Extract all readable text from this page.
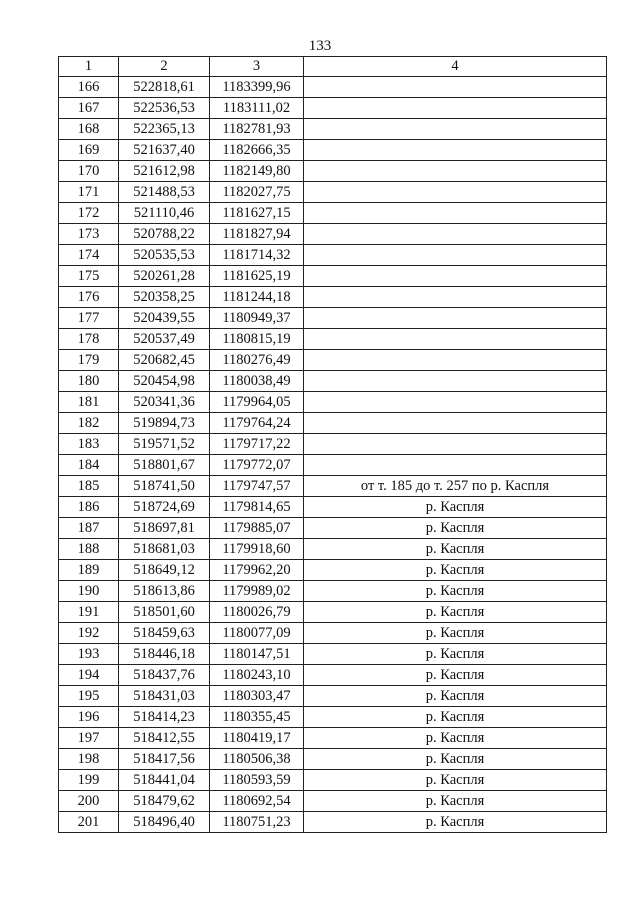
133
1	2	3	4
166	522818,61	1183399,96	
167	522536,53	1183111,02	
168	522365,13	1182781,93	
169	521637,40	1182666,35	
170	521612,98	1182149,80	
171	521488,53	1182027,75	
172	521110,46	1181627,15	
173	520788,22	1181827,94	
174	520535,53	1181714,32	
175	520261,28	1181625,19	
176	520358,25	1181244,18	
177	520439,55	1180949,37	
178	520537,49	1180815,19	
179	520682,45	1180276,49	
180	520454,98	1180038,49	
181	520341,36	1179964,05	
182	519894,73	1179764,24	
183	519571,52	1179717,22	
184	518801,67	1179772,07	
185	518741,50	1179747,57	от т. 185 до т. 257 по р. Каспля
186	518724,69	1179814,65	р. Каспля
187	518697,81	1179885,07	р. Каспля
188	518681,03	1179918,60	р. Каспля
189	518649,12	1179962,20	р. Каспля
190	518613,86	1179989,02	р. Каспля
191	518501,60	1180026,79	р. Каспля
192	518459,63	1180077,09	р. Каспля
193	518446,18	1180147,51	р. Каспля
194	518437,76	1180243,10	р. Каспля
195	518431,03	1180303,47	р. Каспля
196	518414,23	1180355,45	р. Каспля
197	518412,55	1180419,17	р. Каспля
198	518417,56	1180506,38	р. Каспля
199	518441,04	1180593,59	р. Каспля
200	518479,62	1180692,54	р. Каспля
201	518496,40	1180751,23	р. Каспля
